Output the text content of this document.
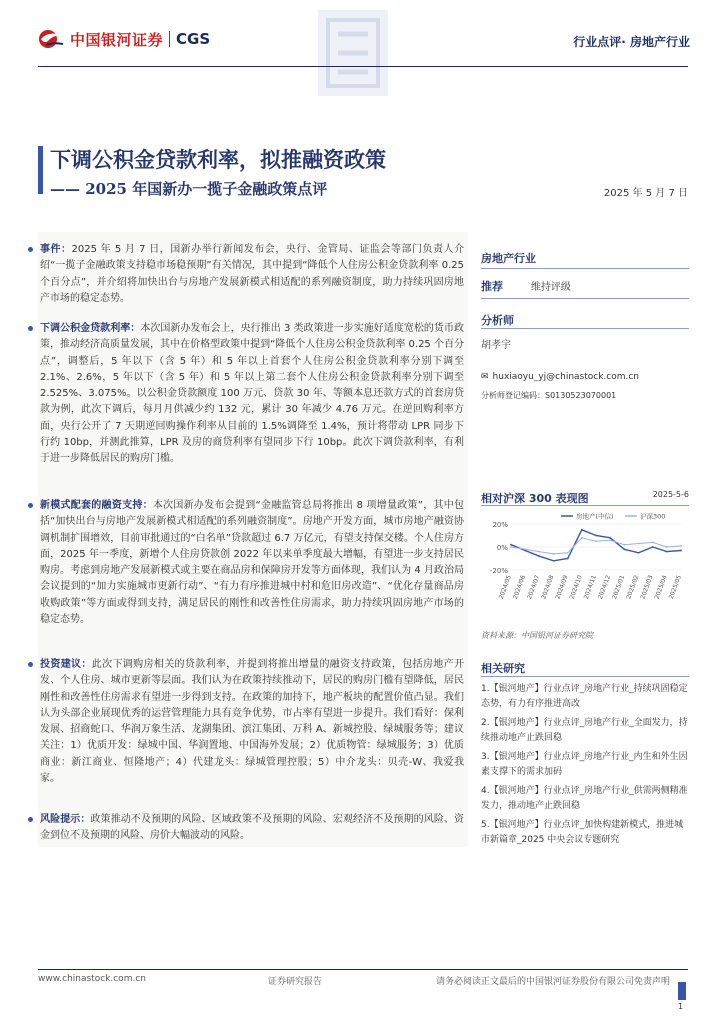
中国银河证券 CGS	行业点评· 房地产行业
下调公积金贷款利率，拟推融资政策
—— 2025 年国新办一揽子金融政策点评	2025 年 5 月 7 日
事件：2025 年 5 月 7 日，国新办举行新闻发布会，央行、金管局、证监会等部门负责人介绍“一揽子金融政策支持稳市场稳预期”有关情况，其中提到“降低个人住房公积金贷款利率 0.25 个百分点”，并介绍将加快出台与房地产发展新模式相适配的系列融资制度，助力持续巩固房地产市场的稳定态势。
下调公积金贷款利率：本次国新办发布会上，央行推出 3 类政策进一步实施好适度宽松的货币政策，推动经济高质量发展，其中在价格型政策中提到“降低个人住房公积金贷款利率 0.25 个百分点”，调整后，5 年以下（含 5 年）和 5 年以上首套个人住房公积金贷款利率分别下调至 2.1%、2.6%，5 年以下（含 5 年）和 5 年以上第二套个人住房公积金贷款利率分别下调至 2.525%、3.075%。以公积金贷款额度 100 万元、贷款 30 年、等额本息还款方式的首套房贷款为例，此次下调后，每月月供减少约 132 元，累计 30 年减少 4.76 万元。在逆回购利率方面，央行公开了 7 天期逆回购操作利率从目前的 1.5%调降至 1.4%，预计将带动 LPR 同步下行约 10bp，并测此推算，LPR 及房的商贷利率有望同步下行 10bp。此次下调贷款利率，有利于进一步降低居民的购房门槛。
新模式配套的融资支持：本次国新办发布会提到“金融监管总局将推出 8 项增量政策”，其中包括“加快出台与房地产发展新模式相适配的系列融资制度”。房地产开发方面，城市房地产融资协调机制扩围增效，目前审批通过的“白名单”贷款超过 6.7 万亿元，有望支持保交楼。个人住房方面，2025 年一季度，新增个人住房贷款创 2022 年以来单季度最大增幅，有望进一步支持居民购房。考虑到房地产发展新模式或主要在商品房和保障房开发等方面体现，我们认为 4 月政治局会议提到的“加力实施城市更新行动”、“有力有序推进城中村和危旧房改造”、“优化存量商品房收购政策”等方面或得到支持，满足居民的刚性和改善性住房需求，助力持续巩固房地产市场的稳定态势。
投资建议：此次下调购房相关的贷款利率，并提到将推出增量的融资支持政策，包括房地产开发、个人住房、城市更新等层面。我们认为在政策持续推动下，居民的购房门槛有望降低，居民刚性和改善性住房需求有望进一步得到支持。在政策的加持下，地产板块的配置价值凸显。我们认为头部企业展现优秀的运营管理能力具有竞争优势，市占率有望进一步提升。我们看好：保利发展、招商蛇口、华润万象生活、龙湖集团、滨江集团、万科 A、新城控股、绿城服务等；建议关注：1）优质开发：绿城中国、华润置地、中国海外发展；2）优质物管：绿城服务；3）优质商业：新江商业、恒隆地产；4）代建龙头：绿城管理控股；5）中介龙头：贝壳-W、我爱我家。
风险提示：政策推动不及预期的风险、区域政策不及预期的风险、宏观经济不及预期的风险、资金到位不及预期的风险、房价大幅波动的风险。
房地产行业
推荐	维持评级
分析师
胡孝宇
✉ huxiaoyu_yj@chinastock.com.cn
分析师登记编码：S0130523070001
相对沪深 300 表现图	2025-5-6
20%
0%
-20%
2024/05 2024/06 2024/07 2024/08 2024/09 2024/10 2024/11 2024/12 2025/01 2025/02 2025/03 2025/04 2025/05
房地产(中信)	沪深300
资料来源：中国银河证券研究院
相关研究
1.【银河地产】行业点评_房地产行业_持续巩固稳定态势，有力有序推进高改
2.【银河地产】行业点评_房地产行业_全面发力，持续推动地产止跌回稳
3.【银河地产】行业点评_房地产行业_内生和外生因素支撑下的需求加码
4.【银河地产】行业点评_房地产行业_供需两侧精准发力，推动地产止跌回稳
5.【银河地产】行业点评_加快构建新模式，推进城市新篇章_2025 中央会议专题研究
www.chinastock.com.cn	证券研究报告	请务必阅读正文最后的中国银河证券股份有限公司免责声明
1
